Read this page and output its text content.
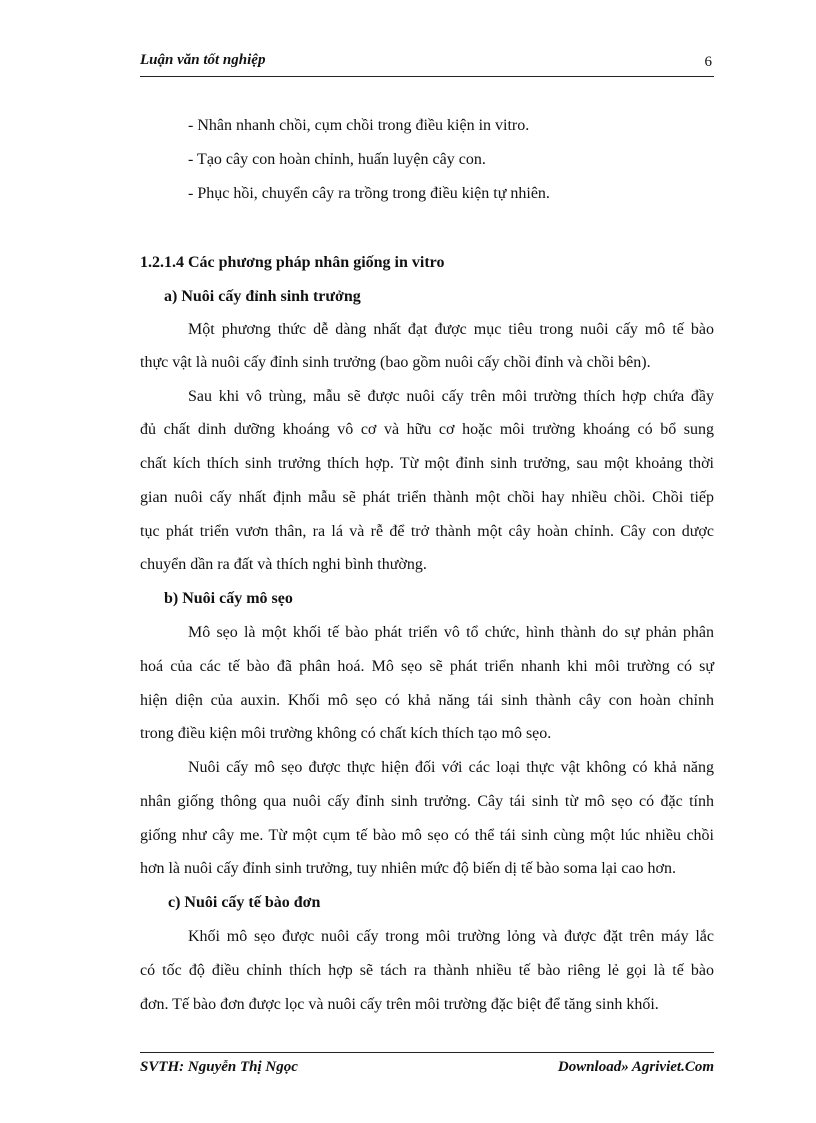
Luận văn tốt nghiệp	6
- Nhân nhanh chồi, cụm chồi trong điều kiện in vitro.
- Tạo cây con hoàn chỉnh, huấn luyện cây con.
- Phục hồi, chuyển cây ra trồng trong điều kiện tự nhiên.
1.2.1.4 Các phương pháp nhân giống in vitro
a) Nuôi cấy đỉnh sinh trưởng
Một phương thức dễ dàng nhất đạt được mục tiêu trong nuôi cấy mô tế bào
thực vật là nuôi cấy đỉnh sinh trưởng (bao gồm nuôi cấy chồi đỉnh và chồi bên).
Sau khi vô trùng, mẫu sẽ được nuôi cấy trên môi trường thích hợp chứa đầy
đủ chất dinh dưỡng khoáng vô cơ và hữu cơ hoặc môi trường khoáng có bổ sung
chất kích thích sinh trưởng thích hợp. Từ một đỉnh sinh trưởng, sau một khoảng thời
gian nuôi cấy nhất định mẫu sẽ phát triển thành một chồi hay nhiều chồi. Chồi tiếp
tục phát triển vươn thân, ra lá và rễ để trở thành một cây hoàn chỉnh. Cây con dược
chuyển dần ra đất và thích nghi bình thường.
b) Nuôi cấy mô sẹo
Mô sẹo là một khối tế bào phát triển vô tổ chức, hình thành do sự phản phân
hoá của các tế bào đã phân hoá. Mô sẹo sẽ phát triển nhanh khi môi trường có sự
hiện diện của auxin. Khối mô sẹo có khả năng tái sinh thành cây con hoàn chỉnh
trong điều kiện môi trường không có chất kích thích tạo mô sẹo.
Nuôi cấy mô sẹo được thực hiện đối với các loại thực vật không có khả năng
nhân giống thông qua nuôi cấy đỉnh sinh trưởng. Cây tái sinh từ mô sẹo có đặc tính
giống như cây me. Từ một cụm tế bào mô sẹo có thể tái sinh cùng một lúc nhiều chồi
hơn là nuôi cấy đỉnh sinh trưởng, tuy nhiên mức độ biến dị tế bào soma lại cao hơn.
c) Nuôi cấy tế bào đơn
Khối mô sẹo được nuôi cấy trong môi trường lỏng và được đặt trên máy lắc
có tốc độ điều chỉnh thích hợp sẽ tách ra thành nhiều tế bào riêng lẻ gọi là tế bào
đơn. Tế bào đơn được lọc và nuôi cấy trên môi trường đặc biệt để tăng sinh khối.
SVTH: Nguyễn Thị Ngọc	Download» Agriviet.Com
